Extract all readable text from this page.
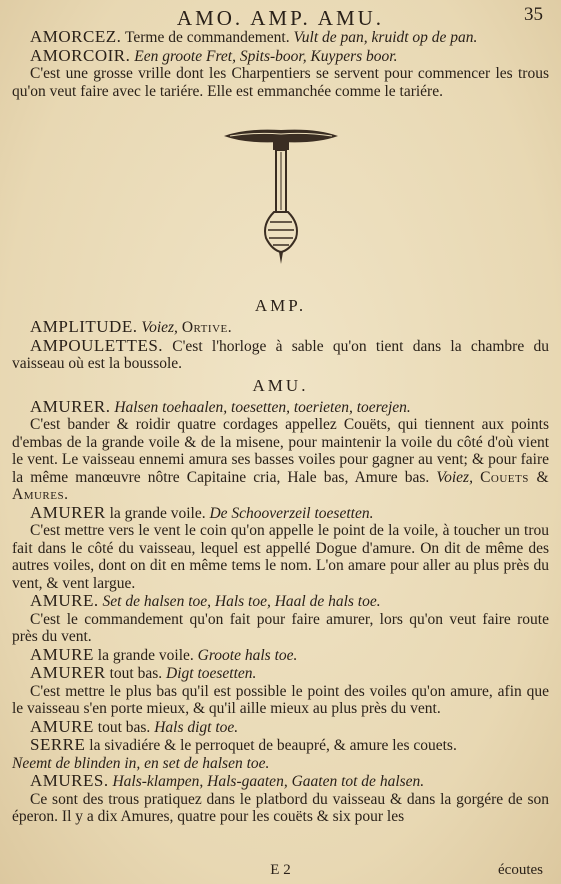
AMO. AMP. AMU.	35

AMORCEZ. Terme de commandement. Vult de pan, kruidt op de pan.

AMORCOIR. Een groote Fret, Spits-boor, Kuypers boor.

C'est une grosse vrille dont les Charpentiers se servent pour commencer les trous qu'on veut faire avec le tariére. Elle est emmanchée comme le tariére.

AMP.

AMPLITUDE. Voiez, Ortive.

AMPOULETTES. C'est l'horloge à sable qu'on tient dans la chambre du vaisseau où est la boussole.

AMU.

AMURER. Halsen toehaalen, toesetten, toerieten, toerejen.

C'est bander & roidir quatre cordages appellez Couëts, qui tiennent aux points d'embas de la grande voile & de la misene, pour maintenir la voile du côté d'où vient le vent. Le vaisseau ennemi amura ses basses voiles pour gagner au vent; & pour faire la même manœuvre nôtre Capitaine cria, Hale bas, Amure bas. Voiez, Couets & Amures.

AMURER la grande voile. De Schooverzeil toesetten.

C'est mettre vers le vent le coin qu'on appelle le point de la voile, à toucher un trou fait dans le côté du vaisseau, lequel est appellé Dogue d'amure. On dit de même des autres voiles, dont on dit en même tems le nom. L'on amare pour aller au plus près du vent, & vent largue.

AMURE. Set de halsen toe, Hals toe, Haal de hals toe.

C'est le commandement qu'on fait pour faire amurer, lors qu'on veut faire route près du vent.

AMURE la grande voile. Groote hals toe.

AMURER tout bas. Digt toesetten.

C'est mettre le plus bas qu'il est possible le point des voiles qu'on amure, afin que le vaisseau s'en porte mieux, & qu'il aille mieux au plus près du vent.

AMURE tout bas. Hals digt toe.

SERRE la sivadiére & le perroquet de beaupré, & amure les couets.

Neemt de blinden in, en set de halsen toe.

AMURES. Hals-klampen, Hals-gaaten, Gaaten tot de halsen.

Ce sont des trous pratiquez dans le platbord du vaisseau & dans la gorgére de son éperon. Il y a dix Amures, quatre pour les couëts & six pour les

E 2	écoutes
